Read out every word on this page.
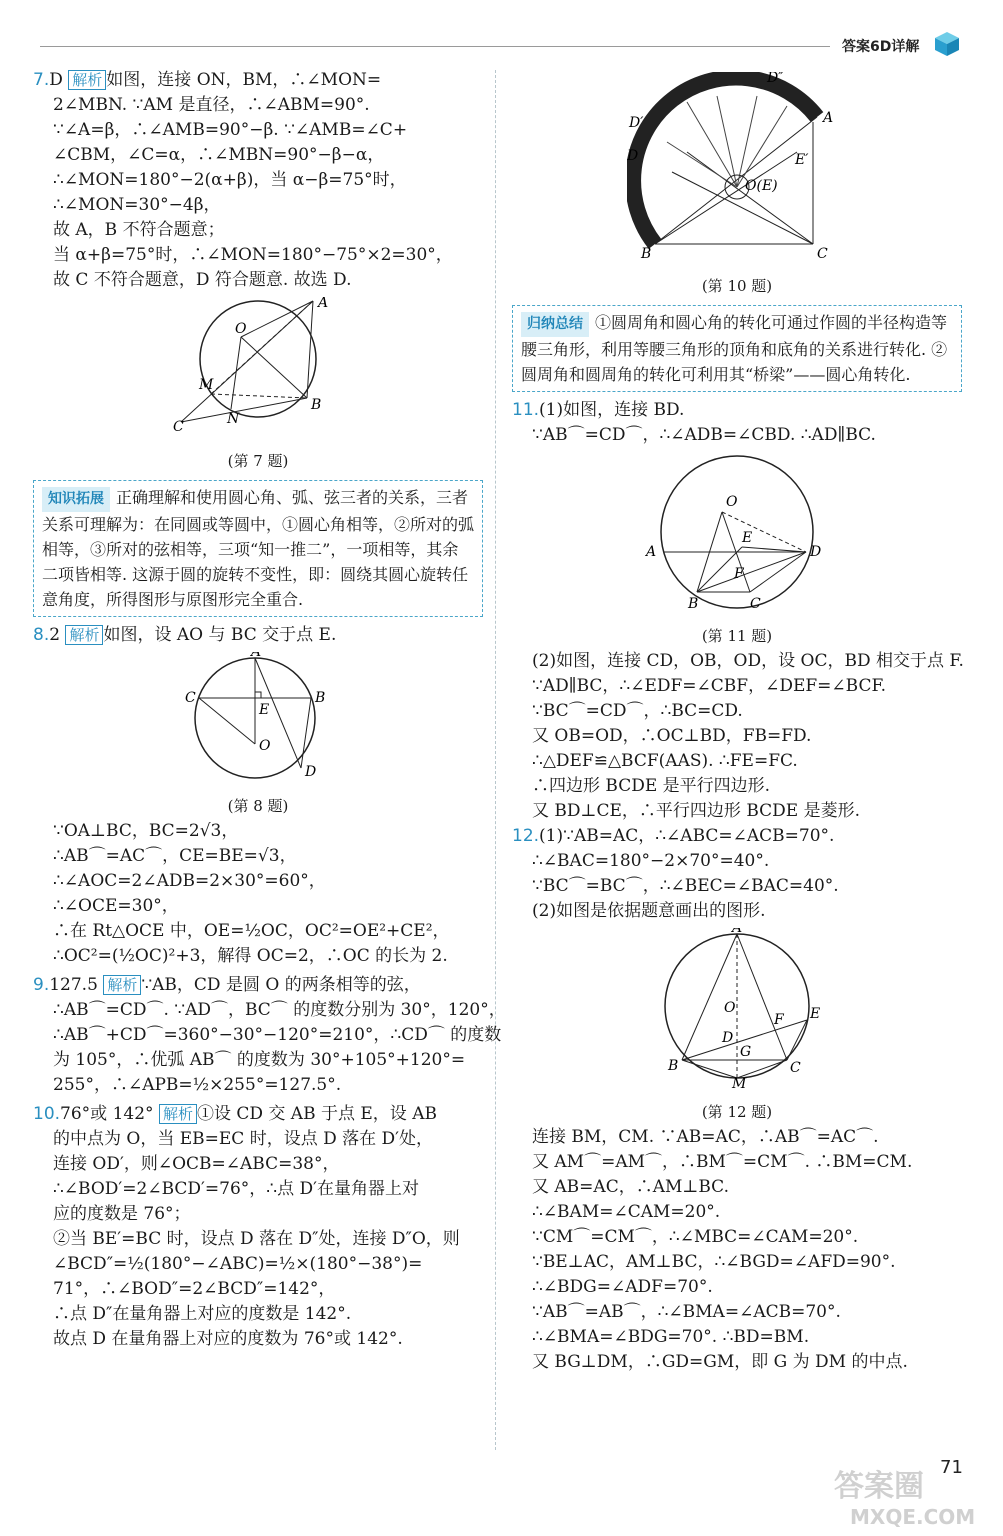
答案6D详解
7.D 解析 如图，连接 ON，BM，∴∠MON=
2∠MBN. ∵AM 是直径，∴∠ABM=90°.
∵∠A=β，∴∠AMB=90°−β. ∵∠AMB=∠C+
∠CBM，∠C=α，∴∠MBN=90°−β−α，
∴∠MON=180°−2(α+β)，当 α−β=75°时，
∴∠MON=30°−4β，
故 A，B 不符合题意；
当 α+β=75°时，∴∠MON=180°−75°×2=30°，
故 C 不符合题意，D 符合题意. 故选 D.
A
O
M
C	N
B
(第 7 题)
知识拓展 正确理解和使用圆心角、弧、弦三者的关系，三者关系可理解为：在同圆或等圆中，①圆心角相等，②所对的弧相等，③所对的弦相等，三项“知一推二”，一项相等，其余二项皆相等. 这源于圆的旋转不变性，即：圆绕其圆心旋转任意角度，所得图形与原图形完全重合.
8.2 解析 如图，设 AO 与 BC 交于点 E.
A
C	B
E
O
D
(第 8 题)
∵OA⊥BC，BC=2√3，
∴AB⌒=AC⌒，CE=BE=√3，
∴∠AOC=2∠ADB=2×30°=60°，
∴∠OCE=30°，
∴在 Rt△OCE 中，OE=½OC，OC²=OE²+CE²，
∴OC²=(½OC)²+3，解得 OC=2，∴OC 的长为 2.
9.127.5 解析 ∵AB，CD 是圆 O 的两条相等的弦，
∴AB⌒=CD⌒. ∵AD⌒，BC⌒ 的度数分别为 30°，120°，
∴AB⌒+CD⌒=360°−30°−120°=210°，∴CD⌒ 的度数
为 105°，∴优弧 AB⌒ 的度数为 30°+105°+120°=
255°，∴∠APB=½×255°=127.5°.
10.76°或 142° 解析 ①设 CD 交 AB 于点 E，设 AB
的中点为 O，当 EB=EC 时，设点 D 落在 D′处，
连接 OD′，则∠OCB=∠ABC=38°，
∴∠BOD′=2∠BCD′=76°，∴点 D′在量角器上对
应的度数是 76°；
②当 BE′=BC 时，设点 D 落在 D″处，连接 D″O，则
∠BCD″=½(180°−∠ABC)=½×(180°−38°)=
71°，∴∠BOD″=2∠BCD″=142°，
∴点 D″在量角器上对应的度数是 142°.
故点 D 在量角器上对应的度数为 76°或 142°.
D″
D′	A
D	E′
O(E)
B	C
(第 10 题)
归纳总结 ①圆周角和圆心角的转化可通过作圆的半径构造等腰三角形，利用等腰三角形的顶角和底角的关系进行转化. ②圆周角和圆周角的转化可利用其“桥梁”——圆心角转化.
11.(1)如图，连接 BD.
∵AB⌒=CD⌒，∴∠ADB=∠CBD. ∴AD∥BC.
O
E
A	D
F
B	C
(第 11 题)
(2)如图，连接 CD，OB，OD，设 OC，BD 相交于点 F.
∵AD∥BC，∴∠EDF=∠CBF，∠DEF=∠BCF.
∵BC⌒=CD⌒，∴BC=CD.
又 OB=OD，∴OC⊥BD，FB=FD.
∴△DEF≌△BCF(AAS). ∴FE=FC.
∴四边形 BCDE 是平行四边形.
又 BD⊥CE，∴平行四边形 BCDE 是菱形.
12.(1)∵AB=AC，∴∠ABC=∠ACB=70°.
∴∠BAC=180°−2×70°=40°.
∵BC⌒=BC⌒，∴∠BEC=∠BAC=40°.
(2)如图是依据题意画出的图形.
A
O
F E
D
G
B	C
M
(第 12 题)
连接 BM，CM. ∵AB=AC，∴AB⌒=AC⌒.
又 AM⌒=AM⌒，∴BM⌒=CM⌒. ∴BM=CM.
又 AB=AC，∴AM⊥BC.
∴∠BAM=∠CAM=20°.
∵CM⌒=CM⌒，∴∠MBC=∠CAM=20°.
∵BE⊥AC，AM⊥BC，∴∠BGD=∠AFD=90°.
∴∠BDG=∠ADF=70°.
∵AB⌒=AB⌒，∴∠BMA=∠ACB=70°.
∴∠BMA=∠BDG=70°. ∴BD=BM.
又 BG⊥DM，∴GD=GM，即 G 为 DM 的中点.
71
答案圈
MXQE.COM
